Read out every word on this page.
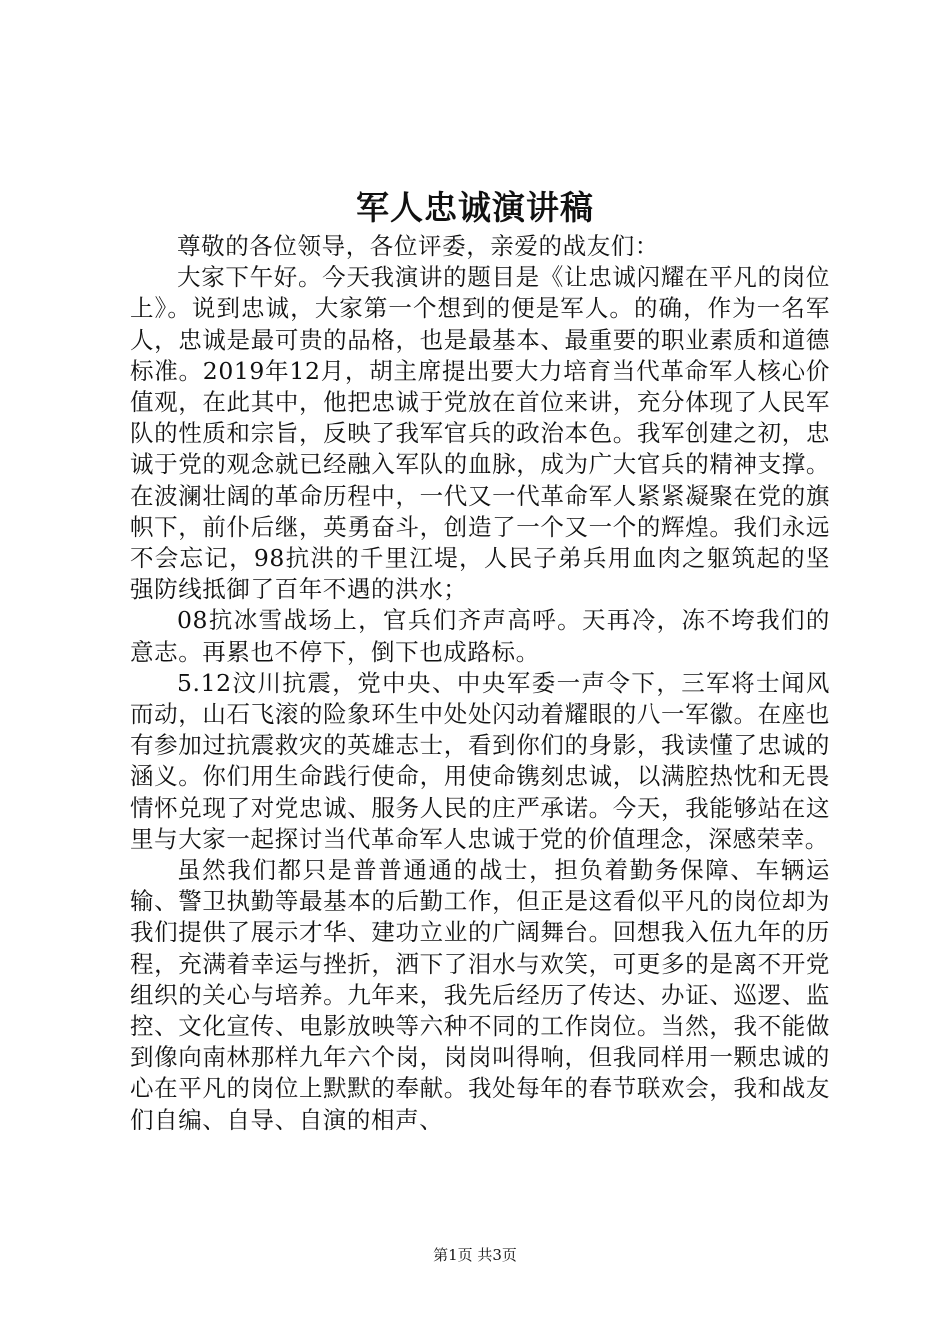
军人忠诚演讲稿

尊敬的各位领导，各位评委，亲爱的战友们：

大家下午好。今天我演讲的题目是《让忠诚闪耀在平凡的岗位上》。说到忠诚，大家第一个想到的便是军人。的确，作为一名军人，忠诚是最可贵的品格，也是最基本、最重要的职业素质和道德标准。2019年12月，胡主席提出要大力培育当代革命军人核心价值观，在此其中，他把忠诚于党放在首位来讲，充分体现了人民军队的性质和宗旨，反映了我军官兵的政治本色。我军创建之初，忠诚于党的观念就已经融入军队的血脉，成为广大官兵的精神支撑。在波澜壮阔的革命历程中，一代又一代革命军人紧紧凝聚在党的旗帜下，前仆后继，英勇奋斗，创造了一个又一个的辉煌。我们永远不会忘记，98抗洪的千里江堤，人民子弟兵用血肉之躯筑起的坚强防线抵御了百年不遇的洪水；

08抗冰雪战场上，官兵们齐声高呼。天再冷，冻不垮我们的意志。再累也不停下，倒下也成路标。

5.12汶川抗震，党中央、中央军委一声令下，三军将士闻风而动，山石飞滚的险象环生中处处闪动着耀眼的八一军徽。在座也有参加过抗震救灾的英雄志士，看到你们的身影，我读懂了忠诚的涵义。你们用生命践行使命，用使命镌刻忠诚，以满腔热忱和无畏情怀兑现了对党忠诚、服务人民的庄严承诺。今天，我能够站在这里与大家一起探讨当代革命军人忠诚于党的价值理念，深感荣幸。

虽然我们都只是普普通通的战士，担负着勤务保障、车辆运输、警卫执勤等最基本的后勤工作，但正是这看似平凡的岗位却为我们提供了展示才华、建功立业的广阔舞台。回想我入伍九年的历程，充满着幸运与挫折，洒下了泪水与欢笑，可更多的是离不开党组织的关心与培养。九年来，我先后经历了传达、办证、巡逻、监控、文化宣传、电影放映等六种不同的工作岗位。当然，我不能做到像向南林那样九年六个岗，岗岗叫得响，但我同样用一颗忠诚的心在平凡的岗位上默默的奉献。我处每年的春节联欢会，我和战友们自编、自导、自演的相声、

第1页 共3页
